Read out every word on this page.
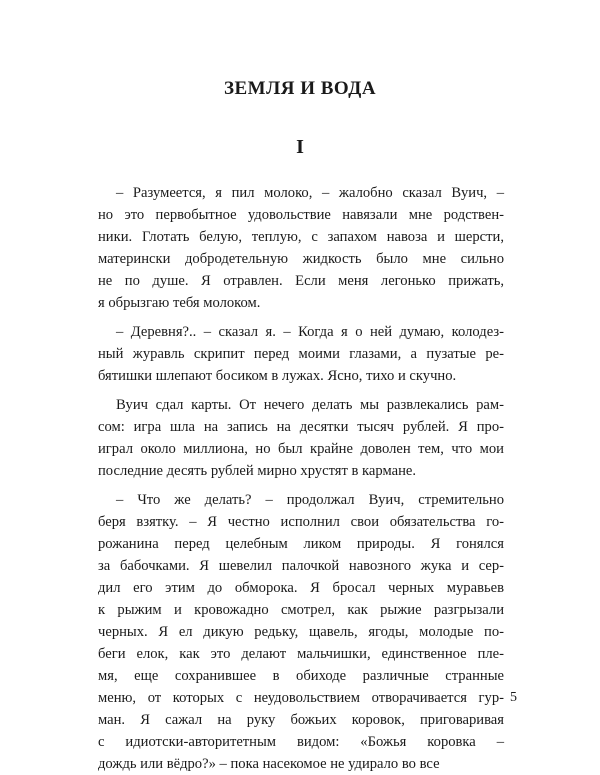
ЗЕМЛЯ И ВОДА
I
– Разумеется, я пил молоко, – жалобно сказал Вуич, –
но это первобытное удовольствие навязали мне родствен-
ники. Глотать белую, теплую, с запахом навоза и шерсти,
матерински добродетельную жидкость было мне сильно
не по душе. Я отравлен. Если меня легонько прижать,
я обрызгаю тебя молоком.
– Деревня?.. – сказал я. – Когда я о ней думаю, колодез-
ный журавль скрипит перед моими глазами, а пузатые ре-
бятишки шлепают босиком в лужах. Ясно, тихо и скучно.
Вуич сдал карты. От нечего делать мы развлекались рам-
сом: игра шла на запись на десятки тысяч рублей. Я про-
играл около миллиона, но был крайне доволен тем, что мои
последние десять рублей мирно хрустят в кармане.
– Что же делать? – продолжал Вуич, стремительно
беря взятку. – Я честно исполнил свои обязательства го-
рожанина перед целебным ликом природы. Я гонялся
за бабочками. Я шевелил палочкой навозного жука и сер-
дил его этим до обморока. Я бросал черных муравьев
к рыжим и кровожадно смотрел, как рыжие разгрызали
черных. Я ел дикую редьку, щавель, ягоды, молодые по-
беги елок, как это делают мальчишки, единственное пле-
мя, еще сохранившее в обиходе различные странные
меню, от которых с неудовольствием отворачивается гур-
ман. Я сажал на руку божьих коровок, приговаривая
с идиотски-авторитетным видом: «Божья коровка –
дождь или вёдро?» – пока насекомое не удирало во все
5
